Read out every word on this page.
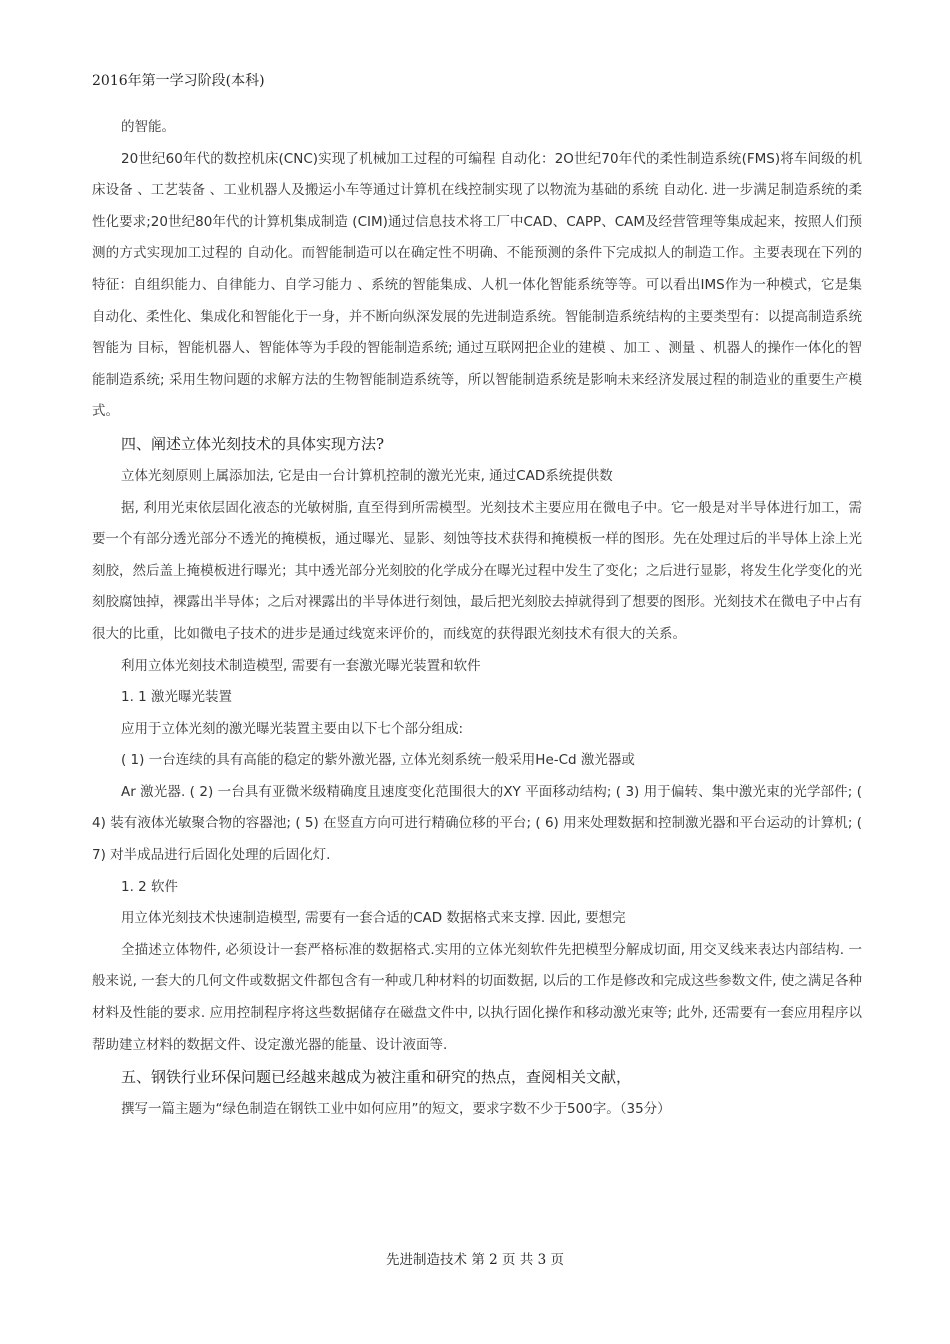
2016年第一学习阶段(本科)

的智能。

20世纪60年代的数控机床(CNC)实现了机械加工过程的可编程 自动化：2O世纪70年代的柔性制造系统(FMS)将车间级的机床设备 、工艺装备 、工业机器人及搬运小车等通过计算机在线控制实现了以物流为基础的系统 自动化. 进一步满足制造系统的柔性化要求;20世纪80年代的计算机集成制造 (CIM)通过信息技术将工厂中CAD、CAPP、CAM及经营管理等集成起来，按照人们预测的方式实现加工过程的 自动化。而智能制造可以在确定性不明确、不能预测的条件下完成拟人的制造工作。主要表现在下列的特征：自组织能力、自律能力、自学习能力 、系统的智能集成、人机一体化智能系统等等。可以看出IMS作为一种模式，它是集自动化、柔性化、集成化和智能化于一身，并不断向纵深发展的先进制造系统。智能制造系统结构的主要类型有：以提高制造系统智能为 目标，智能机器人、智能体等为手段的智能制造系统; 通过互联网把企业的建模 、加工 、测量 、机器人的操作一体化的智能制造系统; 采用生物问题的求解方法的生物智能制造系统等，所以智能制造系统是影响未来经济发展过程的制造业的重要生产模式。

四、阐述立体光刻技术的具体实现方法?

立体光刻原则上属添加法, 它是由一台计算机控制的激光光束, 通过CAD系统提供数

据, 利用光束依层固化液态的光敏树脂, 直至得到所需模型。光刻技术主要应用在微电子中。它一般是对半导体进行加工，需要一个有部分透光部分不透光的掩模板，通过曝光、显影、刻蚀等技术获得和掩模板一样的图形。先在处理过后的半导体上涂上光刻胶，然后盖上掩模板进行曝光；其中透光部分光刻胶的化学成分在曝光过程中发生了变化；之后进行显影，将发生化学变化的光刻胶腐蚀掉，裸露出半导体；之后对裸露出的半导体进行刻蚀，最后把光刻胶去掉就得到了想要的图形。光刻技术在微电子中占有很大的比重，比如微电子技术的进步是通过线宽来评价的，而线宽的获得跟光刻技术有很大的关系。

利用立体光刻技术制造模型, 需要有一套激光曝光装置和软件

1. 1 激光曝光装置

应用于立体光刻的激光曝光装置主要由以下七个部分组成:

( 1) 一台连续的具有高能的稳定的紫外激光器, 立体光刻系统一般采用He-Cd 激光器或

Ar 激光器. ( 2) 一台具有亚微米级精确度且速度变化范围很大的XY 平面移动结构; ( 3) 用于偏转、集中激光束的光学部件; ( 4) 装有液体光敏聚合物的容器池; ( 5) 在竖直方向可进行精确位移的平台; ( 6) 用来处理数据和控制激光器和平台运动的计算机; ( 7) 对半成品进行后固化处理的后固化灯.

1. 2 软件

用立体光刻技术快速制造模型, 需要有一套合适的CAD 数据格式来支撑. 因此, 要想完

全描述立体物件, 必须设计一套严格标准的数据格式.实用的立体光刻软件先把模型分解成切面, 用交叉线来表达内部结构. 一般来说, 一套大的几何文件或数据文件都包含有一种或几种材料的切面数据, 以后的工作是修改和完成这些参数文件, 使之满足各种材料及性能的要求. 应用控制程序将这些数据储存在磁盘文件中, 以执行固化操作和移动激光束等; 此外, 还需要有一套应用程序以帮助建立材料的数据文件、设定激光器的能量、设计液面等.

五、钢铁行业环保问题已经越来越成为被注重和研究的热点，查阅相关文献，

撰写一篇主题为“绿色制造在钢铁工业中如何应用”的短文，要求字数不少于500字。（35分）

先进制造技术 第 2 页 共 3 页
